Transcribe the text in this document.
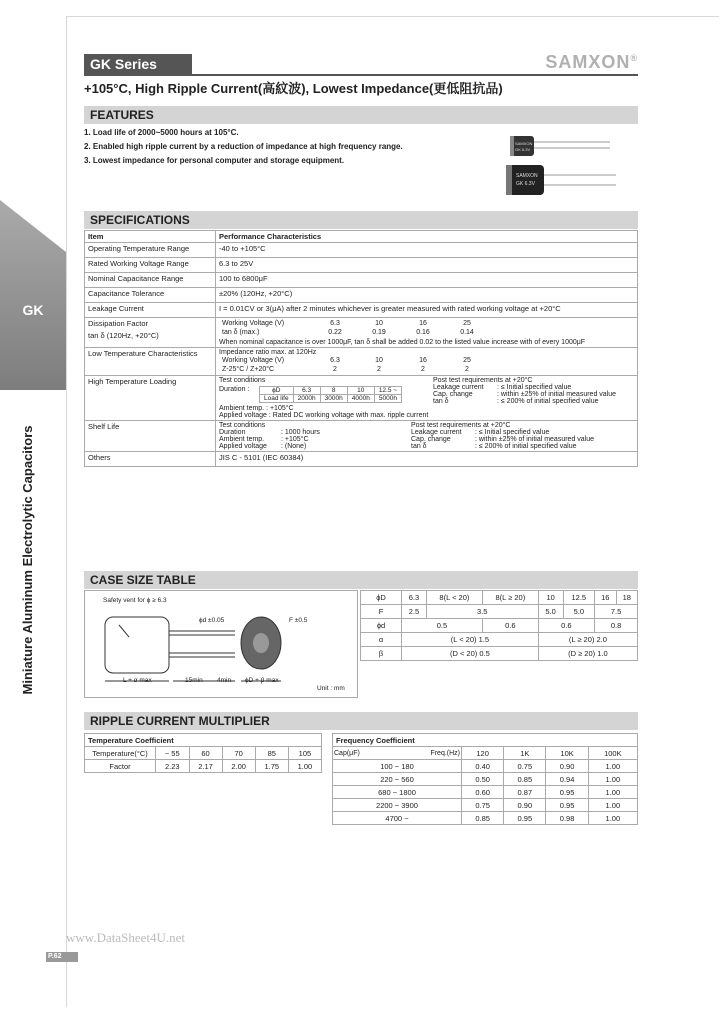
GK
Miniature Aluminum Electrolytic Capacitors
GK Series	SAMXON®
+105°C, High Ripple Current(高紋波), Lowest Impedance(更低阻抗品)
FEATURES
1. Load life of 2000~5000 hours at 105°C.
2. Enabled high ripple current by a reduction of impedance at high frequency range.
3. Lowest impedance for personal computer and storage equipment.
SAMXON
GK 6.3V
SAMXON
GK 6.3V
SPECIFICATIONS
Item	Performance Characteristics
Operating Temperature Range	-40 to +105°C
Rated Working Voltage Range	6.3 to 25V
Nominal Capacitance Range	100 to 6800μF
Capacitance Tolerance	±20% (120Hz, +20°C)
Leakage Current	I = 0.01CV or 3(μA) after 2 minutes whichever is greater measured with rated working voltage at +20°C

Dissipation Factor
tan δ (120Hz, +20°C)

Working Voltage (V)	6.3	10	16	25
tan δ (max.)	0.22	0.19	0.16	0.14
When nominal capacitance is over 1000μF, tan δ shall be added 0.02 to the listed value increase with of every 1000μF

Low Temperature Characteristics	Impedance ratio max. at 120Hz
Working Voltage (V)	6.3	10	16	25
Z-25°C / Z+20°C	2	2	2	2

High Temperature Loading	Test conditions
Duration :	ϕD	6.3	8	10	12.5 ~
Load life	2000h	3000h	4000h	5000h
Ambient temp. : +105°C
Applied voltage : Rated DC working voltage with max. ripple current
Post test requirements at +20°C
Leakage current : ≤ Initial specified value
Cap. change	: within ±25% of initial measured value
tan δ	: ≤ 200% of initial specified value

Shelf Life	Test conditions
Duration	: 1000 hours
Ambient temp. : +105°C
Applied voltage : (None)
Post test requirements at +20°C
Leakage current : ≤ Initial specified value
Cap. change	: within ±25% of initial measured value
tan δ	: ≤ 200% of initial specified value

Others	JIS C - 5101 (IEC 60384)
CASE SIZE TABLE
Safety vent for ϕ ≥ 6.3
ϕd ±0.05	F ±0.5
L + α max	15min 4min ϕD + β max
Unit : mm
ϕD	6.3	8(L < 20)	8(L ≥ 20)	10	12.5	16	18
F	2.5	3.5		5.0	5.0	7.5	
ϕd	0.5		0.6	0.6		0.8	
α	(L < 20) 1.5			(L ≥ 20) 2.0			
β	(D < 20) 0.5			(D ≥ 20) 1.0			
RIPPLE CURRENT MULTIPLIER
Temperature Coefficient					
Temperature(°C)	~ 55	60	70	85	105
Factor	2.23	2.17	2.00	1.75	1.00
Frequency Coefficient				
Cap(μF) Freq.(Hz)	120	1K	10K	100K
100 ~ 180	0.40	0.75	0.90	1.00
220 ~ 560	0.50	0.85	0.94	1.00
680 ~ 1800	0.60	0.87	0.95	1.00
2200 ~ 3900	0.75	0.90	0.95	1.00
4700 ~	0.85	0.95	0.98	1.00
www.DataSheet4U.net
P.62
